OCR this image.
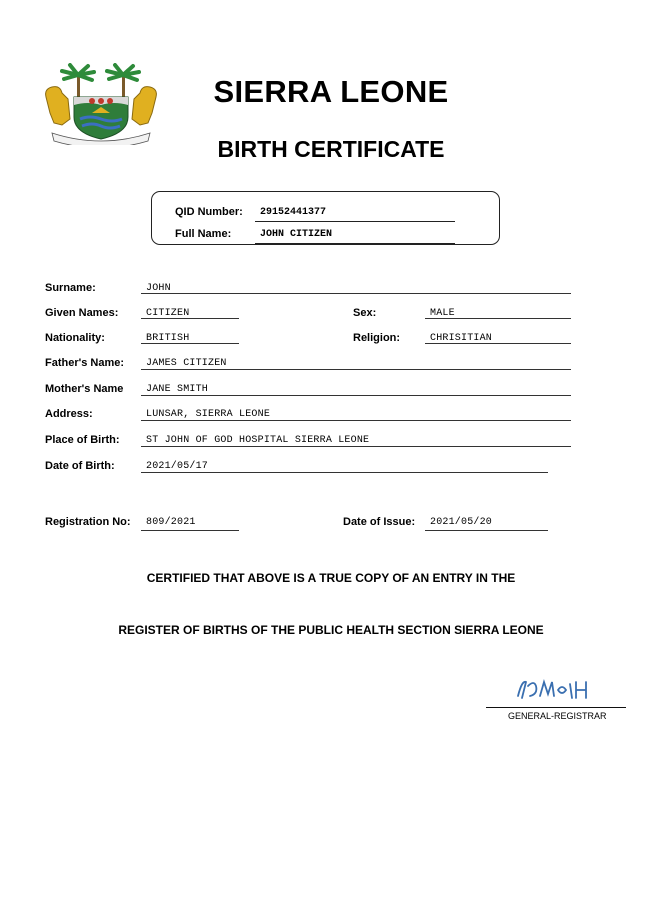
SIERRA LEONE
BIRTH CERTIFICATE
QID Number: 29152441377
Full Name:	JOHN CITIZEN
Surname:	JOHN
Given Names:	CITIZEN	Sex:	MALE
Nationality:	BRITISH	Religion:	CHRISITIAN
Father's Name: JAMES CITIZEN
Mother's Name JANE SMITH
Address:	LUNSAR, SIERRA LEONE
Place of Birth:	ST JOHN OF GOD HOSPITAL SIERRA LEONE
Date of Birth:	2021/05/17
Registration No: 809/2021	Date of Issue: 2021/05/20
CERTIFIED THAT ABOVE IS A TRUE COPY OF AN ENTRY IN THE
REGISTER OF BIRTHS OF THE PUBLIC HEALTH SECTION SIERRA LEONE
GENERAL-REGISTRAR
